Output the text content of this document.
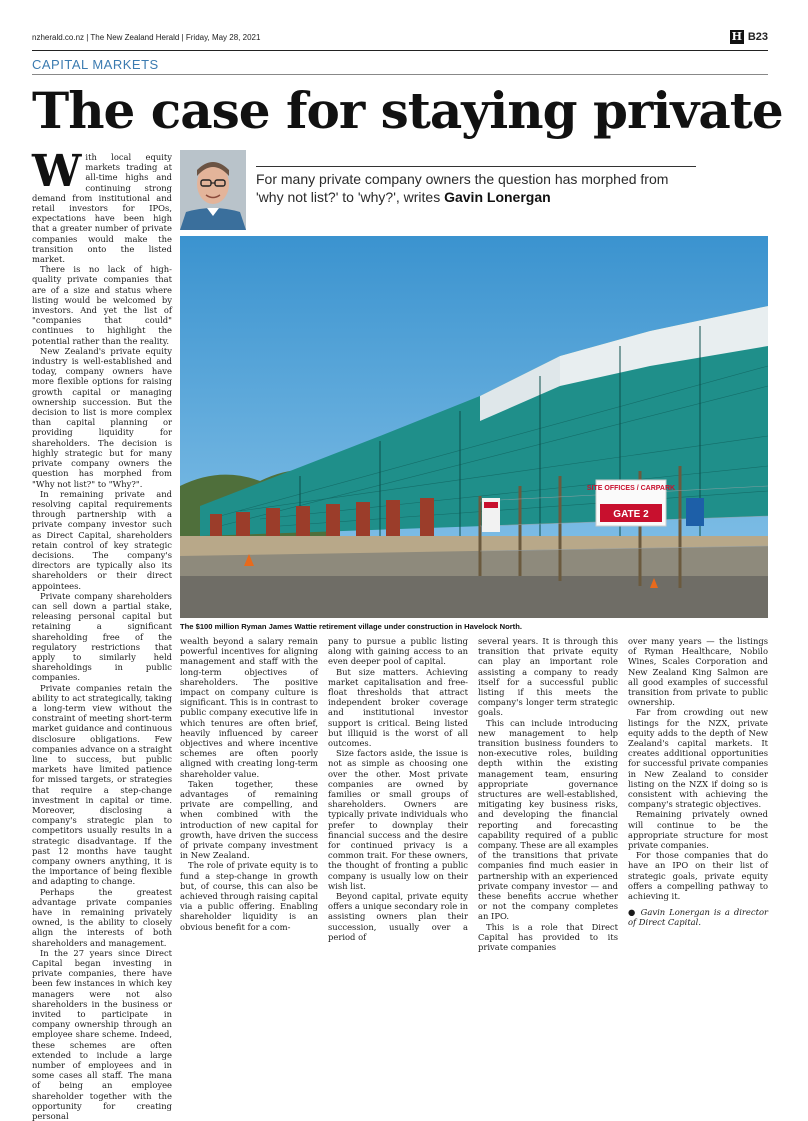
nzherald.co.nz | The New Zealand Herald | Friday, May 28, 2021	H B23
CAPITAL MARKETS
The case for staying private
For many private company owners the question has morphed from 'why not list?' to 'why?', writes Gavin Lonergan
SITE OFFICES / CARPARK
GATE 2
The $100 million Ryman James Wattie retirement village under construction in Havelock North.

With local equity markets trading at all-time highs and continuing strong demand from institutional and retail investors for IPOs, expectations have been high that a greater number of private companies would make the transition onto the listed market.

There is no lack of high-quality private companies that are of a size and status where listing would be welcomed by investors. And yet the list of "companies that could" continues to highlight the potential rather than the reality.

New Zealand's private equity industry is well-established and today, company owners have more flexible options for raising growth capital or managing ownership succession. But the decision to list is more complex than capital planning or providing liquidity for shareholders. The decision is highly strategic but for many private company owners the question has morphed from "Why not list?" to "Why?".

In remaining private and resolving capital requirements through partnership with a private company investor such as Direct Capital, shareholders retain control of key strategic decisions. The company's directors are typically also its shareholders or their direct appointees.

Private company shareholders can sell down a partial stake, releasing personal capital but retaining a significant shareholding free of the regulatory restrictions that apply to similarly held shareholdings in public companies.

Private companies retain the ability to act strategically, taking a long-term view without the constraint of meeting short-term market guidance and continuous disclosure obligations. Few companies advance on a straight line to success, but public markets have limited patience for missed targets, or strategies that require a step-change investment in capital or time. Moreover, disclosing a company's strategic plan to competitors usually results in a strategic disadvantage. If the past 12 months have taught company owners anything, it is the importance of being flexible and adapting to change.

Perhaps the greatest advantage private companies have in remaining privately owned, is the ability to closely align the interests of both shareholders and management.

In the 27 years since Direct Capital began investing in private companies, there have been few instances in which key managers were not also shareholders in the business or invited to participate in company ownership through an employee share scheme. Indeed, these schemes are often extended to include a large number of employees and in some cases all staff. The mana of being an employee shareholder together with the opportunity for creating personal

wealth beyond a salary remain powerful incentives for aligning management and staff with the long-term objectives of shareholders. The positive impact on company culture is significant. This is in contrast to public company executive life in which tenures are often brief, heavily influenced by career objectives and where incentive schemes are often poorly aligned with creating long-term shareholder value.

Taken together, these advantages of remaining private are compelling, and when combined with the introduction of new capital for growth, have driven the success of private company investment in New Zealand.

The role of private equity is to fund a step-change in growth but, of course, this can also be achieved through raising capital via a public offering. Enabling shareholder liquidity is an obvious benefit for a com-

pany to pursue a public listing along with gaining access to an even deeper pool of capital.

But size matters. Achieving market capitalisation and free-float thresholds that attract independent broker coverage and institutional investor support is critical. Being listed but illiquid is the worst of all outcomes.

Size factors aside, the issue is not as simple as choosing one over the other. Most private companies are owned by families or small groups of shareholders. Owners are typically private individuals who prefer to downplay their financial success and the desire for continued privacy is a common trait. For these owners, the thought of fronting a public company is usually low on their wish list.

Beyond capital, private equity offers a unique secondary role in assisting owners plan their succession, usually over a period of

several years. It is through this transition that private equity can play an important role assisting a company to ready itself for a successful public listing if this meets the company's longer term strategic goals.

This can include introducing new management to help transition business founders to non-executive roles, building depth within the existing management team, ensuring appropriate governance structures are well-established, mitigating key business risks, and developing the financial reporting and forecasting capability required of a public company. These are all examples of the transitions that private companies find much easier in partnership with an experienced private company investor — and these benefits accrue whether or not the company completes an IPO.

This is a role that Direct Capital has provided to its private companies

over many years — the listings of Ryman Healthcare, Nobilo Wines, Scales Corporation and New Zealand King Salmon are all good examples of successful transition from private to public ownership.

Far from crowding out new listings for the NZX, private equity adds to the depth of New Zealand's capital markets. It creates additional opportunities for successful private companies in New Zealand to consider listing on the NZX if doing so is consistent with achieving the company's strategic objectives.

Remaining privately owned will continue to be the appropriate structure for most private companies.

For those companies that do have an IPO on their list of strategic goals, private equity offers a compelling pathway to achieving it.

● Gavin Lonergan is a director of Direct Capital.
